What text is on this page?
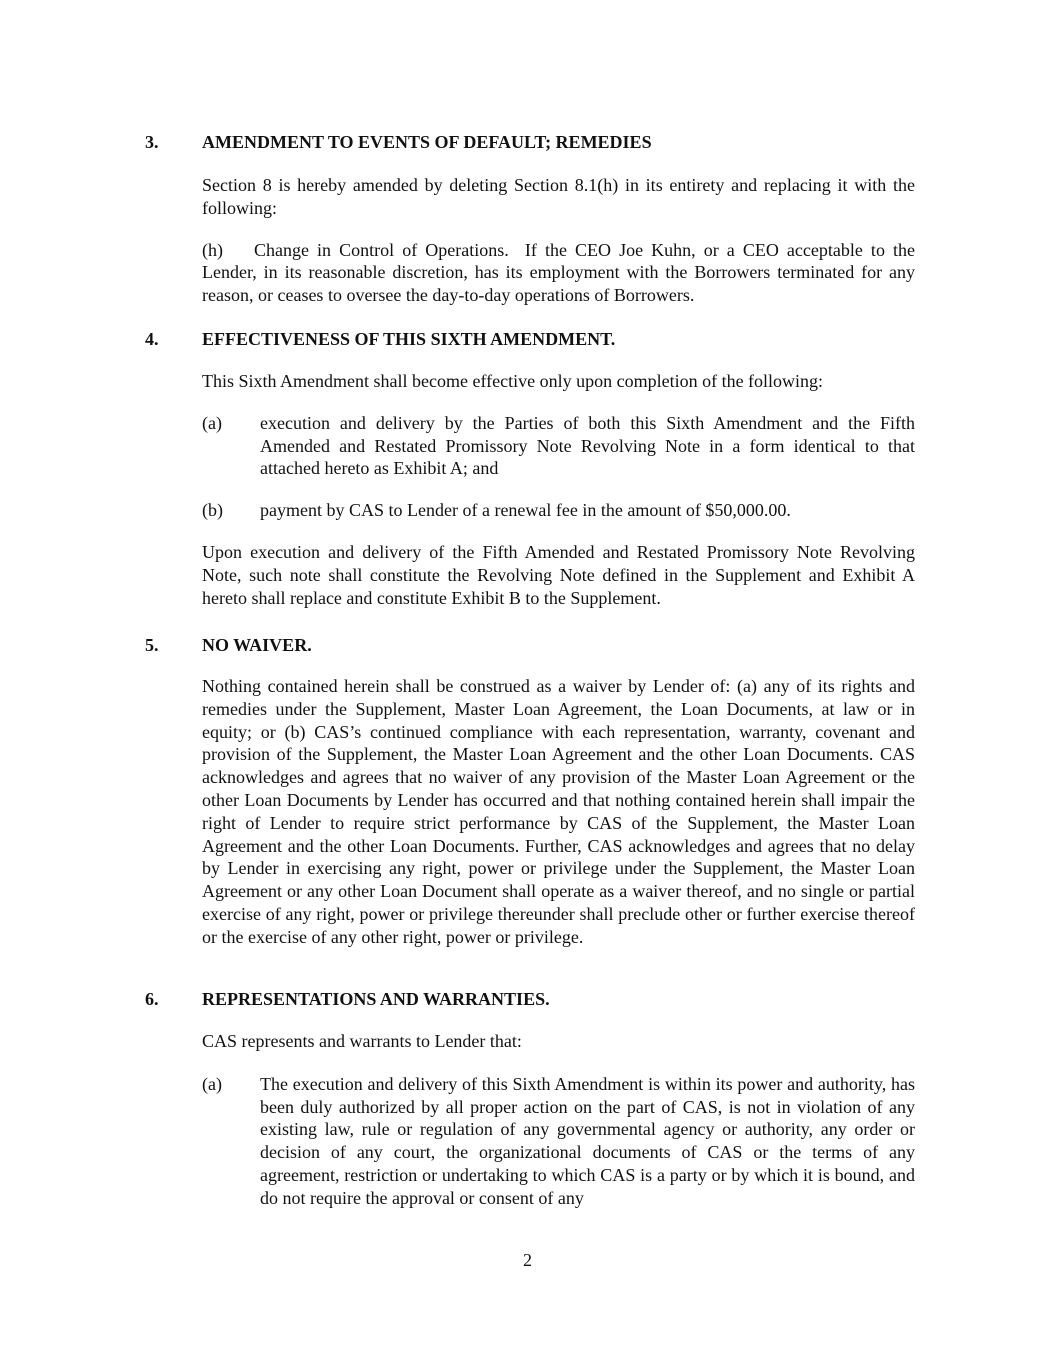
3.	AMENDMENT TO EVENTS OF DEFAULT; REMEDIES
Section 8 is hereby amended by deleting Section 8.1(h) in its entirety and replacing it with the following:
(h) Change in Control of Operations.  If the CEO Joe Kuhn, or a CEO acceptable to the Lender, in its reasonable discretion, has its employment with the Borrowers terminated for any reason, or ceases to oversee the day-to-day operations of Borrowers.
4.	EFFECTIVENESS OF THIS SIXTH AMENDMENT.
This Sixth Amendment shall become effective only upon completion of the following:
(a)	execution and delivery by the Parties of both this Sixth Amendment and the Fifth Amended and Restated Promissory Note Revolving Note in a form identical to that attached hereto as Exhibit A; and
(b)	payment by CAS to Lender of a renewal fee in the amount of $50,000.00.
Upon execution and delivery of the Fifth Amended and Restated Promissory Note Revolving Note, such note shall constitute the Revolving Note defined in the Supplement and Exhibit A hereto shall replace and constitute Exhibit B to the Supplement.
5.	NO WAIVER.
Nothing contained herein shall be construed as a waiver by Lender of: (a) any of its rights and remedies under the Supplement, Master Loan Agreement, the Loan Documents, at law or in equity; or (b) CAS’s continued compliance with each representation, warranty, covenant and provision of the Supplement, the Master Loan Agreement and the other Loan Documents. CAS acknowledges and agrees that no waiver of any provision of the Master Loan Agreement or the other Loan Documents by Lender has occurred and that nothing contained herein shall impair the right of Lender to require strict performance by CAS of the Supplement, the Master Loan Agreement and the other Loan Documents. Further, CAS acknowledges and agrees that no delay by Lender in exercising any right, power or privilege under the Supplement, the Master Loan Agreement or any other Loan Document shall operate as a waiver thereof, and no single or partial exercise of any right, power or privilege thereunder shall preclude other or further exercise thereof or the exercise of any other right, power or privilege.
6.	REPRESENTATIONS AND WARRANTIES.
CAS represents and warrants to Lender that:
(a)	The execution and delivery of this Sixth Amendment is within its power and authority, has been duly authorized by all proper action on the part of CAS, is not in violation of any existing law, rule or regulation of any governmental agency or authority, any order or decision of any court, the organizational documents of CAS or the terms of any agreement, restriction or undertaking to which CAS is a party or by which it is bound, and do not require the approval or consent of any
2
